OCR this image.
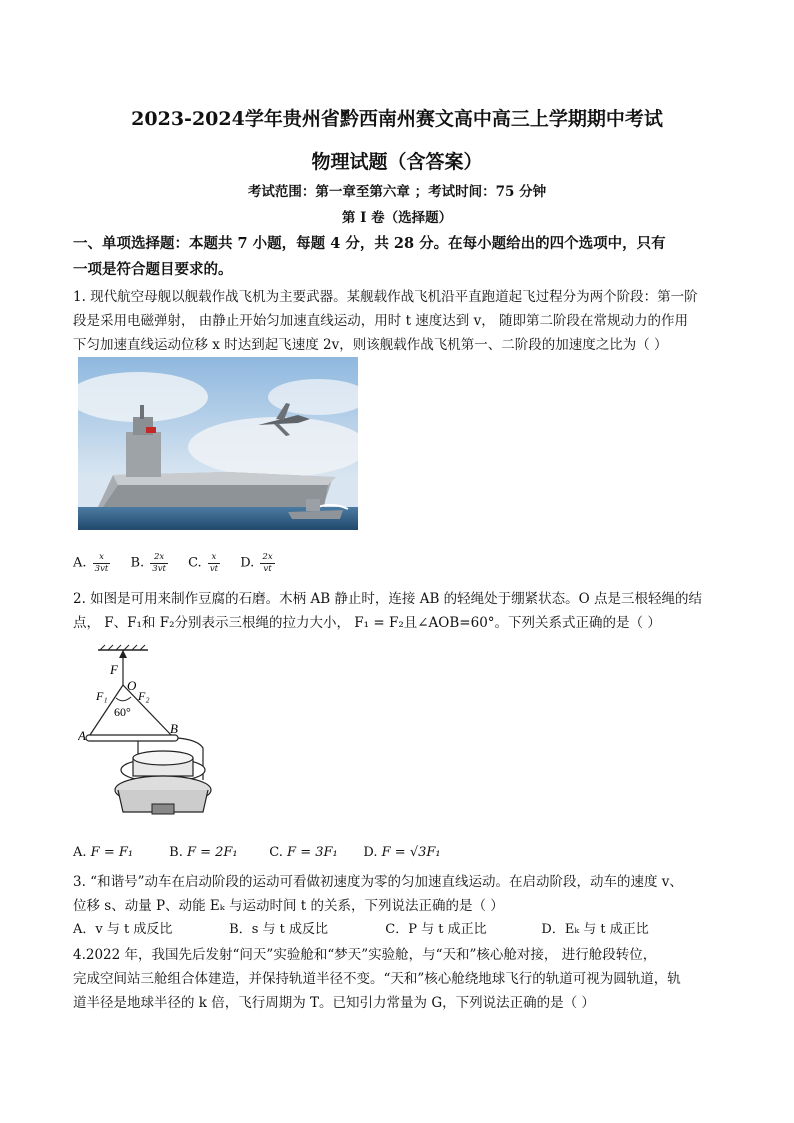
2023-2024学年贵州省黔西南州赛文高中高三上学期期中考试
物理试题（含答案）
考试范围：第一章至第六章 ；考试时间：75 分钟
第 I 卷（选择题）
一、单项选择题：本题共 7 小题，每题 4 分，共 28 分。在每小题给出的四个选项中，只有
一项是符合题目要求的。
1. 现代航空母舰以舰载作战飞机为主要武器。某舰载作战飞机沿平直跑道起飞过程分为两个阶段：第一阶
段是采用电磁弹射， 由静止开始匀加速直线运动，用时 t 速度达到 v， 随即第二阶段在常规动力的作用
下匀加速直线运动位移 x 时达到起飞速度 2v，则该舰载作战飞机第一、二阶段的加速度之比为（ ）
A. $\frac{x}{3vt} B$. $\frac{2x}{3vt} C$. $\frac{x}{vt} D$. $\frac{2x}{vt}$
2. 如图是可用来制作豆腐的石磨。木柄 AB 静止时，连接 AB 的轻绳处于绷紧状态。O 点是三根轻绳的结
点， F、F₁和 F₂分别表示三根绳的拉力大小， F₁ = F₂且∠AOB=60°。下列关系式正确的是（ ）
F
O
F₁	F₂
60°
A	B
A. F = F₁	B. F = 2F₁ C. F = 3F₁ D. F = √3F₁
3. “和谐号”动车在启动阶段的运动可看做初速度为零的匀加速直线运动。在启动阶段，动车的速度 v、
位移 s、动量 P、动能 Eₖ 与运动时间 t 的关系，下列说法正确的是（ ）
A．v 与 t 成反比	B．s 与 t 成反比	C．P 与 t 成正比	D．Eₖ 与 t 成正比
4.2022 年，我国先后发射“问天”实验舱和“梦天”实验舱，与“天和”核心舱对接， 进行舱段转位，
完成空间站三舱组合体建造，并保持轨道半径不变。“天和”核心舱绕地球飞行的轨道可视为圆轨道，轨
道半径是地球半径的 k 倍，飞行周期为 T。已知引力常量为 G，下列说法正确的是（ ）
